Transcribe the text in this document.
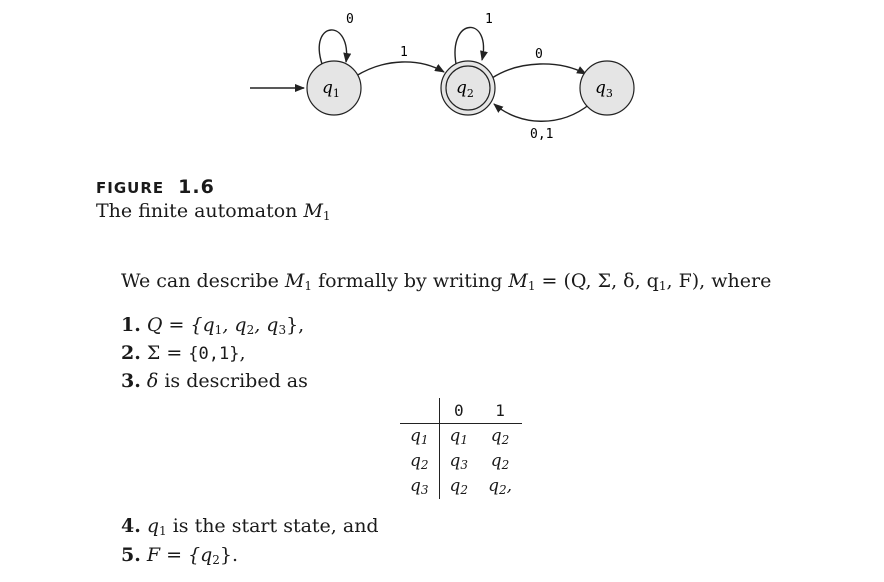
0
1
1
0
0,1
$q_1$	$q_2$	$q_3$
FIGURE 1.6
The finite automaton $M_1$
We can describe $M_1$ formally by writing $M_1 = (Q$, Σ, δ, $q_1$, F), where
1. $Q = \{q_1$, $q_2$, $q_3$},
2. Σ = {0,1},
3. δ is described as
	0	1
$q_1$	$q_1$	$q_2$
$q_2$	$q_3$	$q_2$
$q_3$	$q_2$	$q_2$,
4. $q_1$ is the start state, and
5. $F = \{q_2\}$.
